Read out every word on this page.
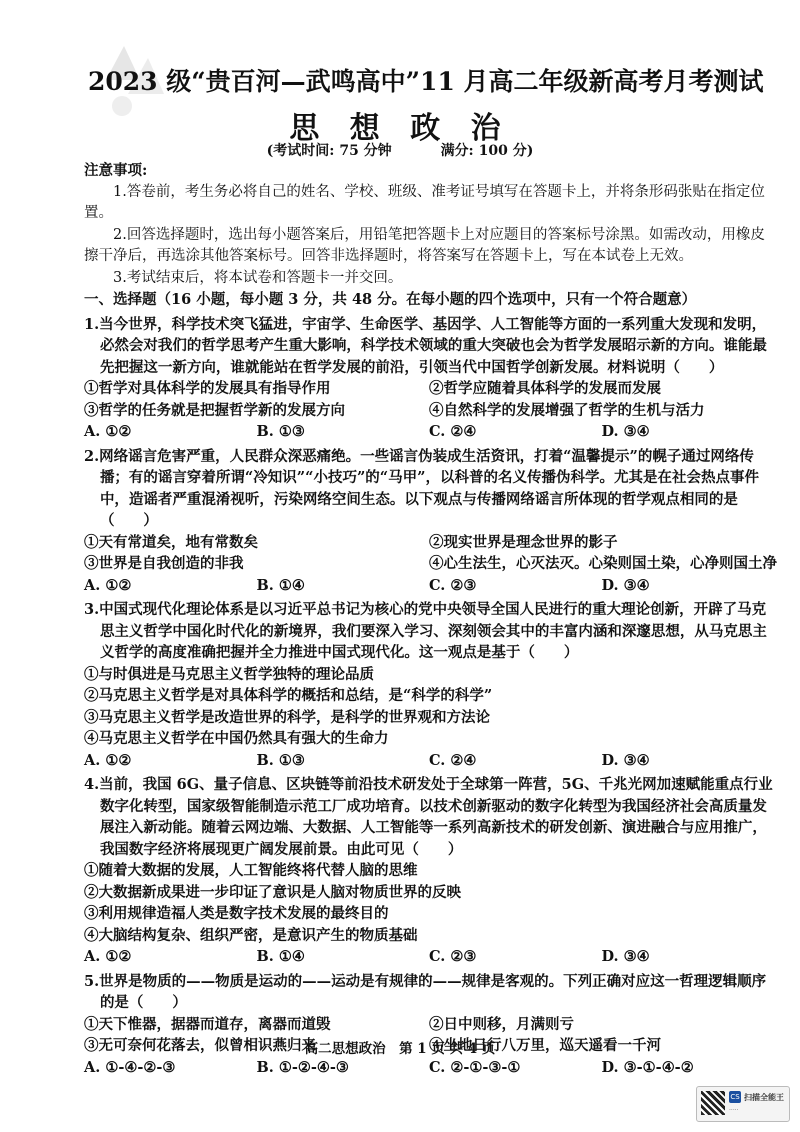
2023 级“贵百河—武鸣高中”11 月高二年级新高考月考测试
思 想 政 治
(考试时间: 75 分钟	满分: 100 分)

注意事项:

1.答卷前，考生务必将自己的姓名、学校、班级、准考证号填写在答题卡上，并将条形码张贴在指定位置。

2.回答选择题时，选出每小题答案后，用铅笔把答题卡上对应题目的答案标号涂黑。如需改动，用橡皮擦干净后，再选涂其他答案标号。回答非选择题时，将答案写在答题卡上，写在本试卷上无效。

3.考试结束后，将本试卷和答题卡一并交回。

一、选择题（16 小题，每小题 3 分，共 48 分。在每小题的四个选项中，只有一个符合题意）

1.当今世界，科学技术突飞猛进，宇宙学、生命医学、基因学、人工智能等方面的一系列重大发现和发明，必然会对我们的哲学思考产生重大影响，科学技术领域的重大突破也会为哲学发展昭示新的方向。谁能最先把握这一新方向，谁就能站在哲学发展的前沿，引领当代中国哲学创新发展。材料说明（　　）
①哲学对具体科学的发展具有指导作用	②哲学应随着具体科学的发展而发展
③哲学的任务就是把握哲学新的发展方向	④自然科学的发展增强了哲学的生机与活力
A. ①②	B. ①③	C. ②④	D. ③④
2.网络谣言危害严重，人民群众深恶痛绝。一些谣言伪装成生活资讯，打着“温馨提示”的幌子通过网络传播；有的谣言穿着所谓“冷知识”“小技巧”的“马甲”，以科普的名义传播伪科学。尤其是在社会热点事件中，造谣者严重混淆视听，污染网络空间生态。以下观点与传播网络谣言所体现的哲学观点相同的是（　　）
①天有常道矣，地有常数矣	②现实世界是理念世界的影子
③世界是自我创造的非我	④心生法生，心灭法灭。心染则国土染，心净则国土净
A. ①②	B. ①④	C. ②③	D. ③④
3.中国式现代化理论体系是以习近平总书记为核心的党中央领导全国人民进行的重大理论创新，开辟了马克思主义哲学中国化时代化的新境界，我们要深入学习、深刻领会其中的丰富内涵和深邃思想，从马克思主义哲学的高度准确把握并全力推进中国式现代化。这一观点是基于（　　）
①与时俱进是马克思主义哲学独特的理论品质
②马克思主义哲学是对具体科学的概括和总结，是“科学的科学”
③马克思主义哲学是改造世界的科学，是科学的世界观和方法论
④马克思主义哲学在中国仍然具有强大的生命力
A. ①②	B. ①③	C. ②④	D. ③④
4.当前，我国 6G、量子信息、区块链等前沿技术研发处于全球第一阵营，5G、千兆光网加速赋能重点行业数字化转型，国家级智能制造示范工厂成功培育。以技术创新驱动的数字化转型为我国经济社会高质量发展注入新动能。随着云网边端、大数据、人工智能等一系列高新技术的研发创新、演进融合与应用推广，我国数字经济将展现更广阔发展前景。由此可见（　　）
①随着大数据的发展，人工智能终将代替人脑的思维
②大数据新成果进一步印证了意识是人脑对物质世界的反映
③利用规律造福人类是数字技术发展的最终目的
④大脑结构复杂、组织严密，是意识产生的物质基础
A. ①②	B. ①④	C. ②③	D. ③④
5.世界是物质的——物质是运动的——运动是有规律的——规律是客观的。下列正确对应这一哲理逻辑顺序的是（　　）
①天下惟器，据器而道存，离器而道毁	②日中则移，月满则亏
③无可奈何花落去，似曾相识燕归来	④坐地日行八万里，巡天遥看一千河
A. ①-④-②-③	B. ①-②-④-③	C. ②-①-③-①	D. ③-①-④-②
高二思想政治　第 1 页 共 4 页
CS 扫描全能王
·····
